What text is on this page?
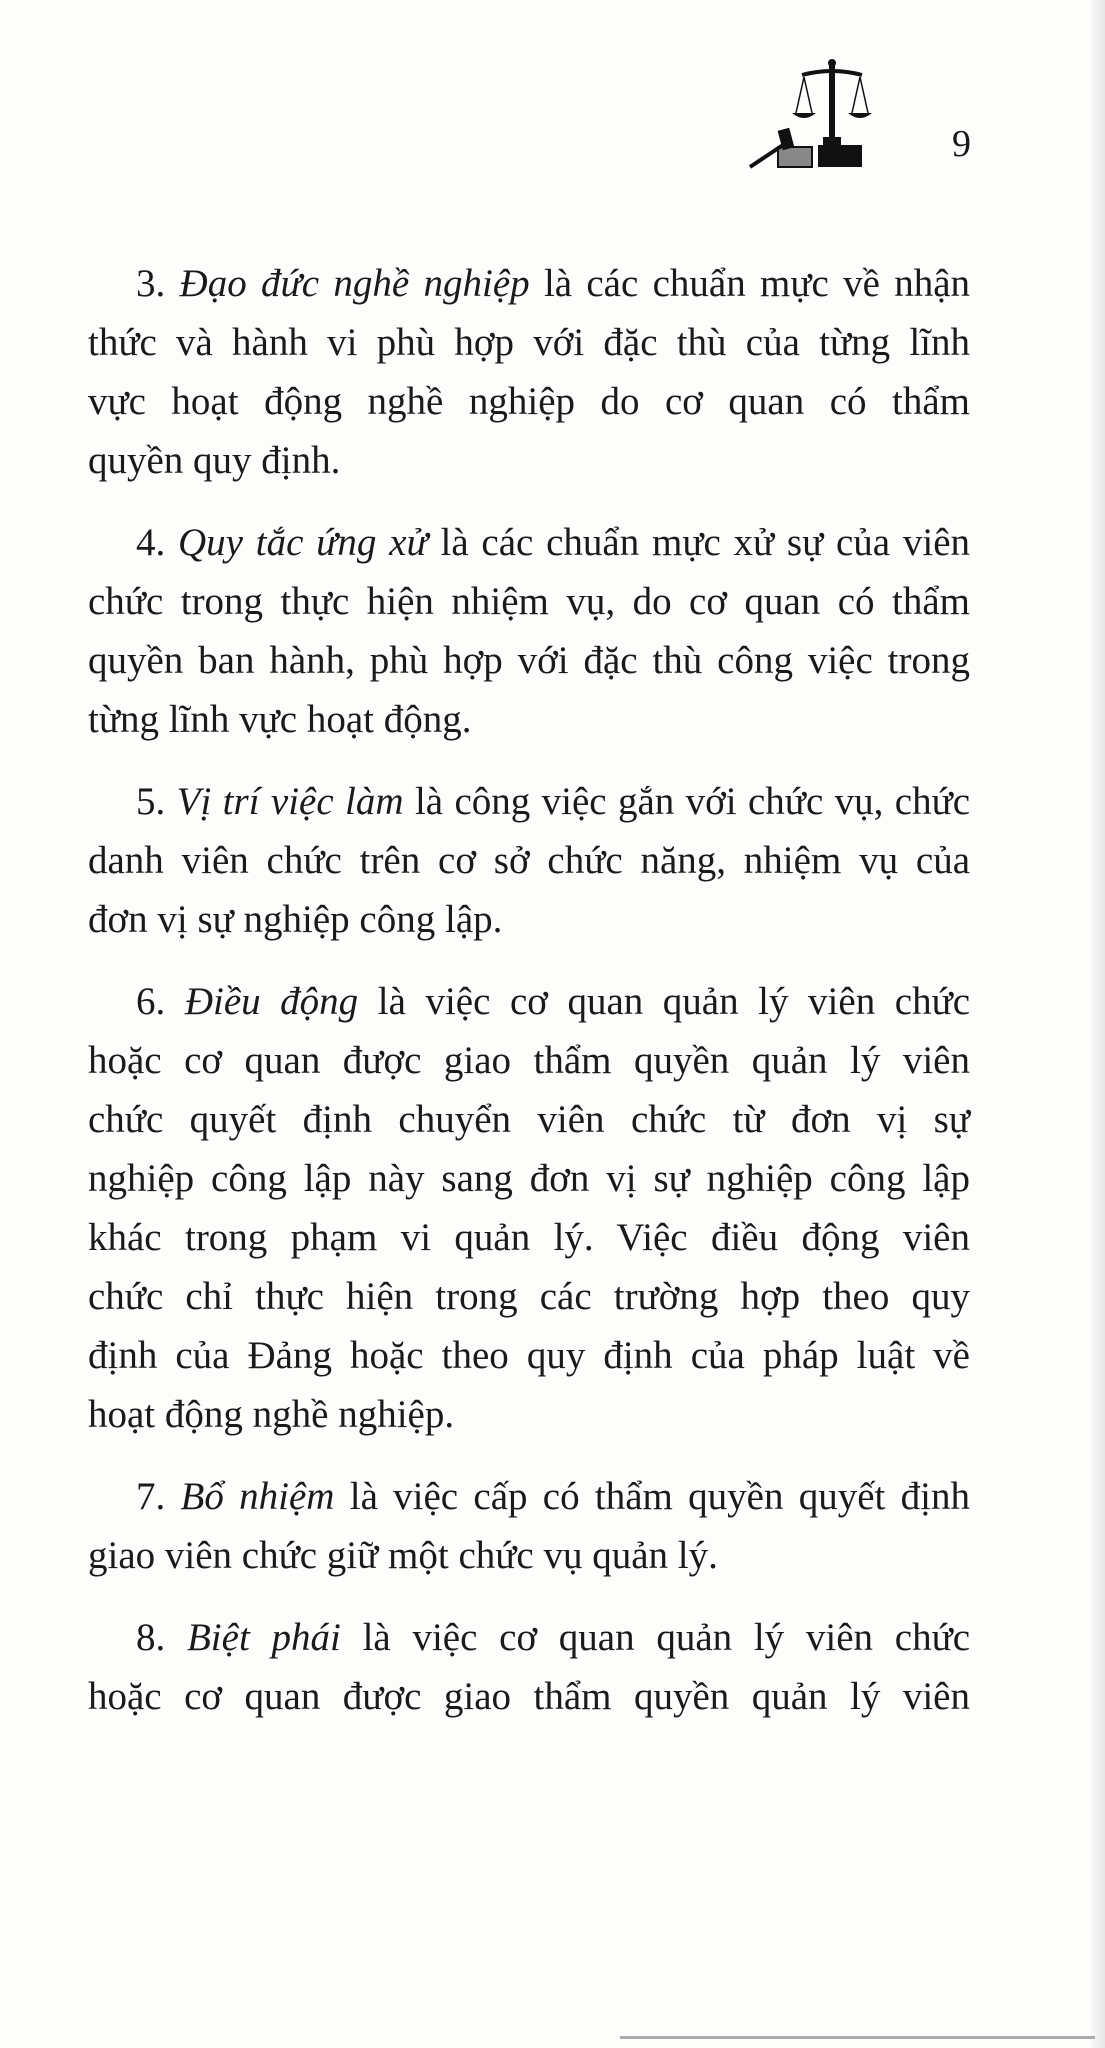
9
3. Đạo đức nghề nghiệp là các chuẩn mực về nhận
thức và hành vi phù hợp với đặc thù của từng lĩnh
vực hoạt động nghề nghiệp do cơ quan có thẩm
quyền quy định.
4. Quy tắc ứng xử là các chuẩn mực xử sự của viên
chức trong thực hiện nhiệm vụ, do cơ quan có thẩm
quyền ban hành, phù hợp với đặc thù công việc trong
từng lĩnh vực hoạt động.
5. Vị trí việc làm là công việc gắn với chức vụ, chức
danh viên chức trên cơ sở chức năng, nhiệm vụ của
đơn vị sự nghiệp công lập.
6. Điều động là việc cơ quan quản lý viên chức
hoặc cơ quan được giao thẩm quyền quản lý viên
chức quyết định chuyển viên chức từ đơn vị sự
nghiệp công lập này sang đơn vị sự nghiệp công lập
khác trong phạm vi quản lý. Việc điều động viên
chức chỉ thực hiện trong các trường hợp theo quy
định của Đảng hoặc theo quy định của pháp luật về
hoạt động nghề nghiệp.
7. Bổ nhiệm là việc cấp có thẩm quyền quyết định
giao viên chức giữ một chức vụ quản lý.
8. Biệt phái là việc cơ quan quản lý viên chức
hoặc cơ quan được giao thẩm quyền quản lý viên
